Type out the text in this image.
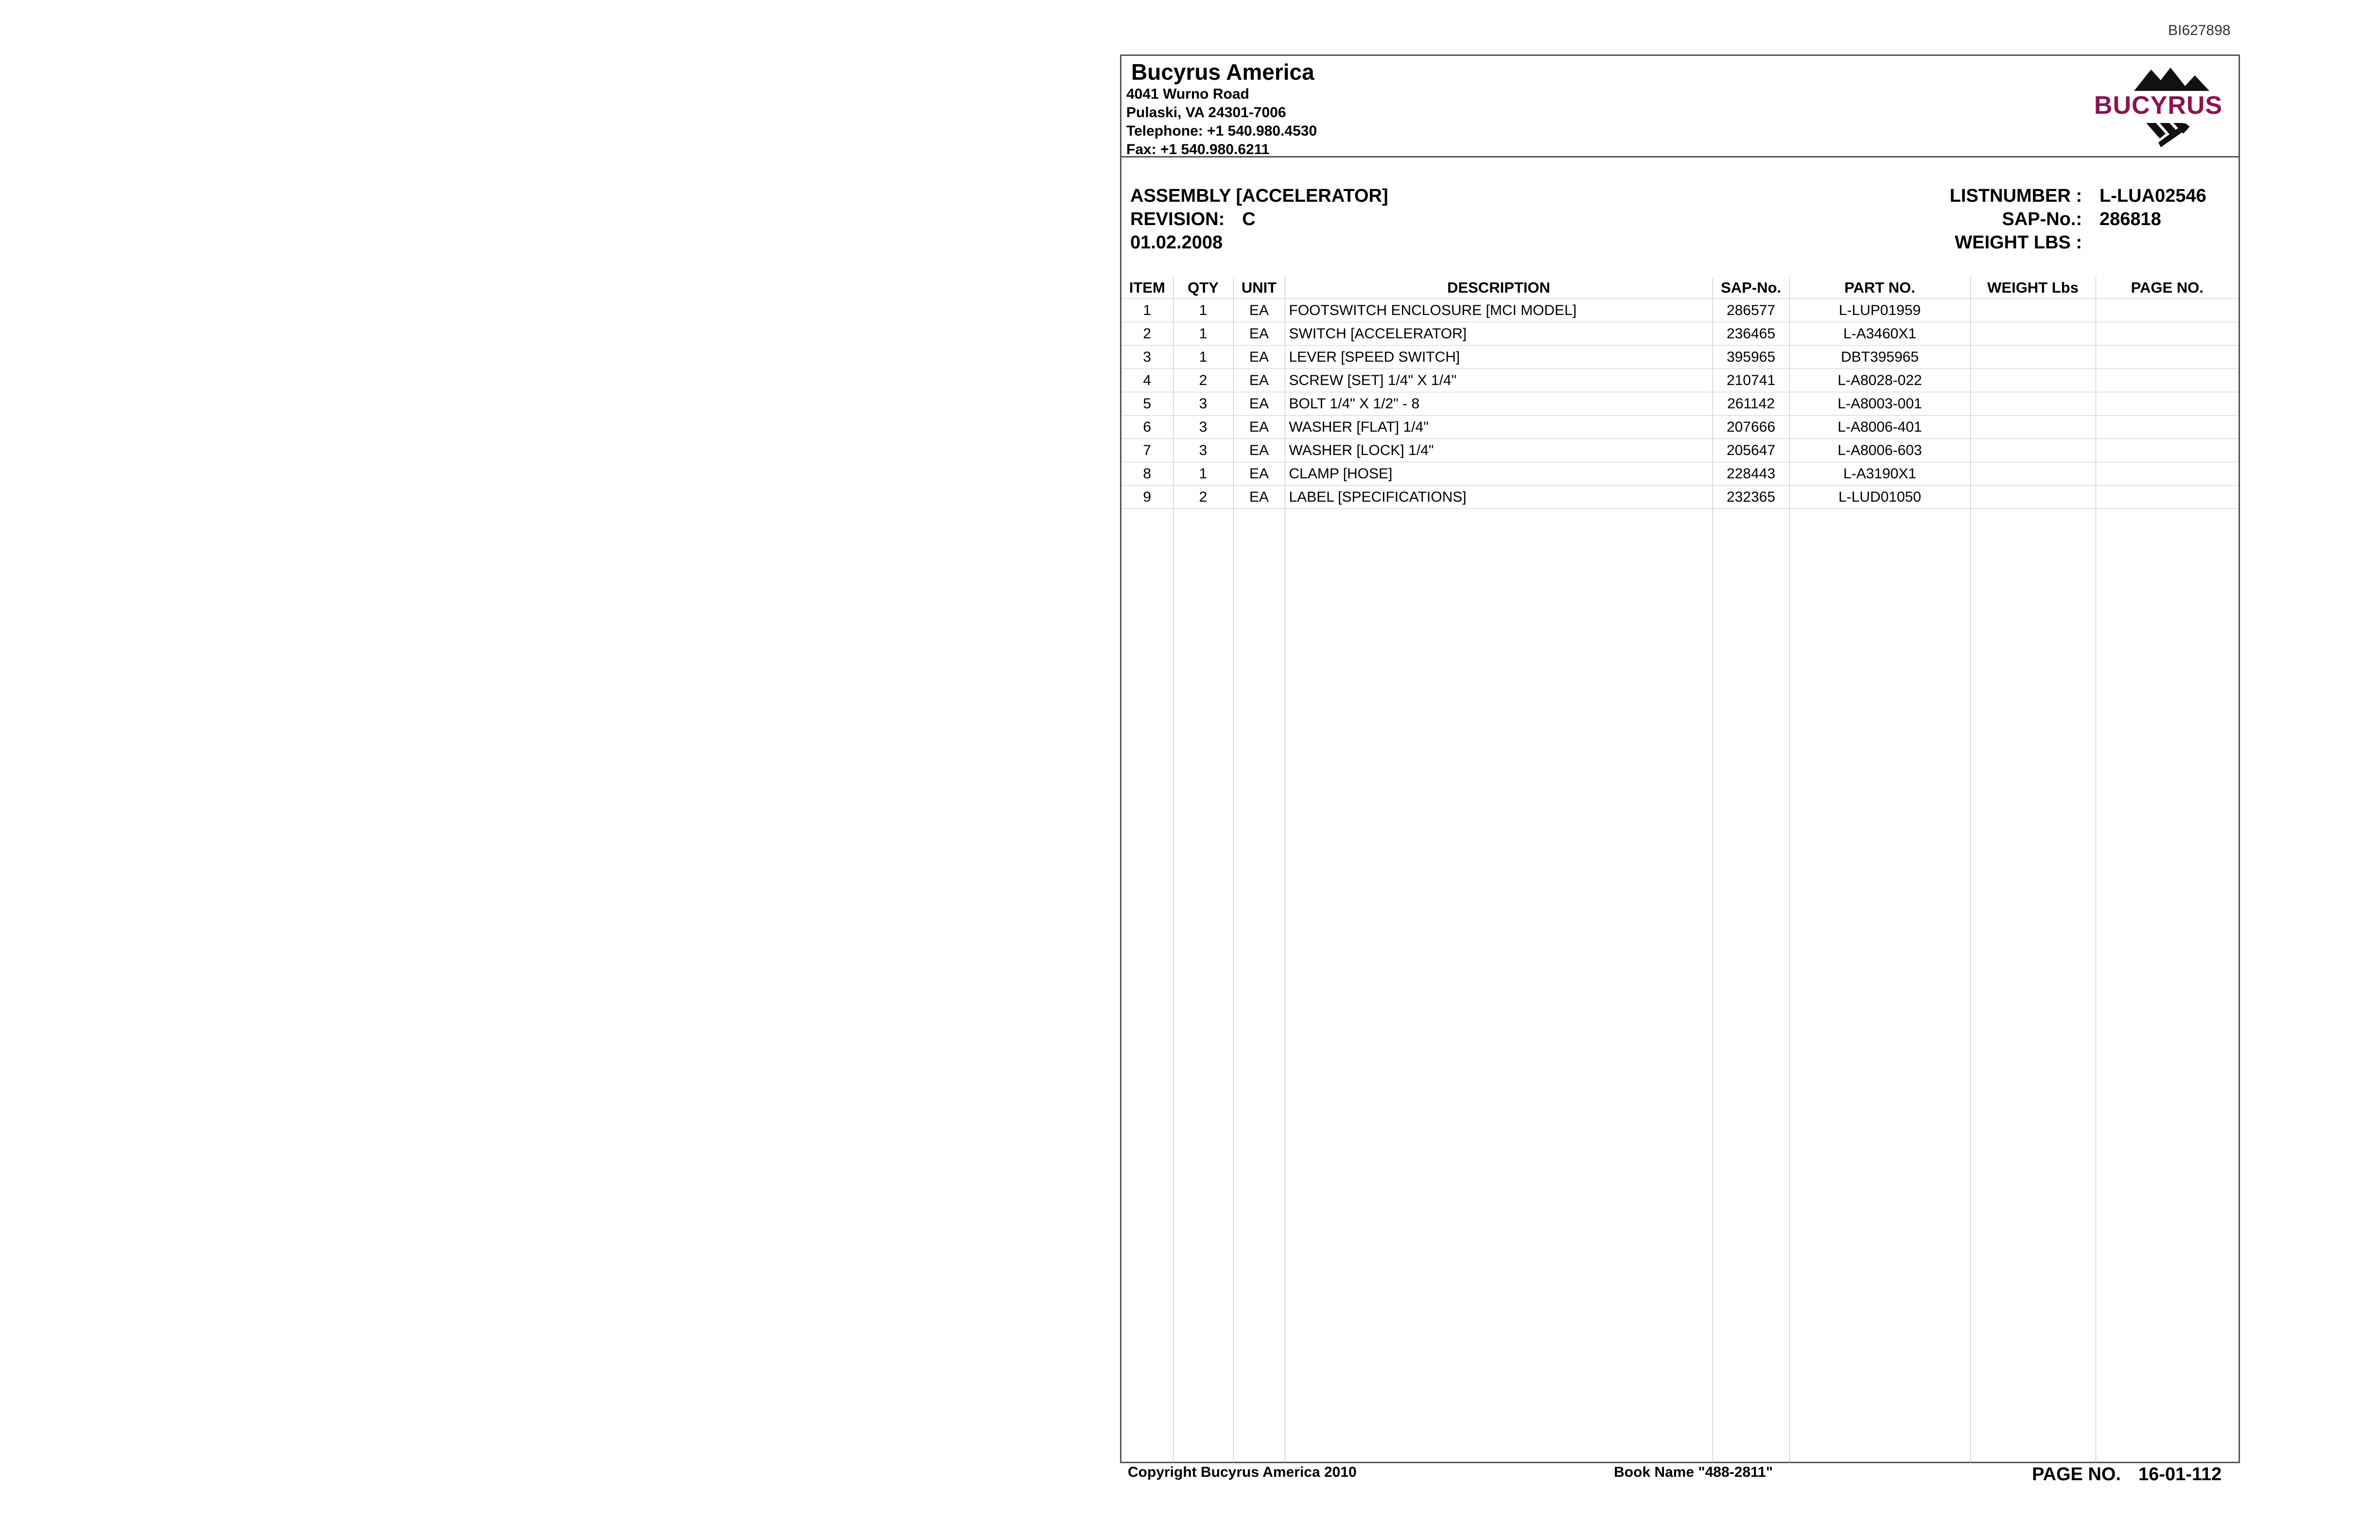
BI627898
Bucyrus America
4041 Wurno Road
Pulaski, VA 24301-7006
Telephone: +1 540.980.4530
Fax: +1 540.980.6211
BUCYRUS
ASSEMBLY [ACCELERATOR]
REVISION: C
01.02.2008
LISTNUMBER : L-LUA02546
SAP-No.: 286818
WEIGHT LBS :
ITEM	QTY	UNIT	DESCRIPTION	SAP-No.	PART NO.	WEIGHT Lbs	PAGE NO.
1	1	EA	FOOTSWITCH ENCLOSURE [MCI MODEL]	286577	L-LUP01959		
2	1	EA	SWITCH [ACCELERATOR]	236465	L-A3460X1		
3	1	EA	LEVER [SPEED SWITCH]	395965	DBT395965		
4	2	EA	SCREW [SET] 1/4" X 1/4"	210741	L-A8028-022		
5	3	EA	BOLT 1/4" X 1/2" - 8	261142	L-A8003-001		
6	3	EA	WASHER [FLAT] 1/4"	207666	L-A8006-401		
7	3	EA	WASHER [LOCK] 1/4"	205647	L-A8006-603		
8	1	EA	CLAMP [HOSE]	228443	L-A3190X1		
9	2	EA	LABEL [SPECIFICATIONS]	232365	L-LUD01050		

Copyright Bucyrus America 2010	Book Name "488-2811"	PAGE NO. 16-01-112
